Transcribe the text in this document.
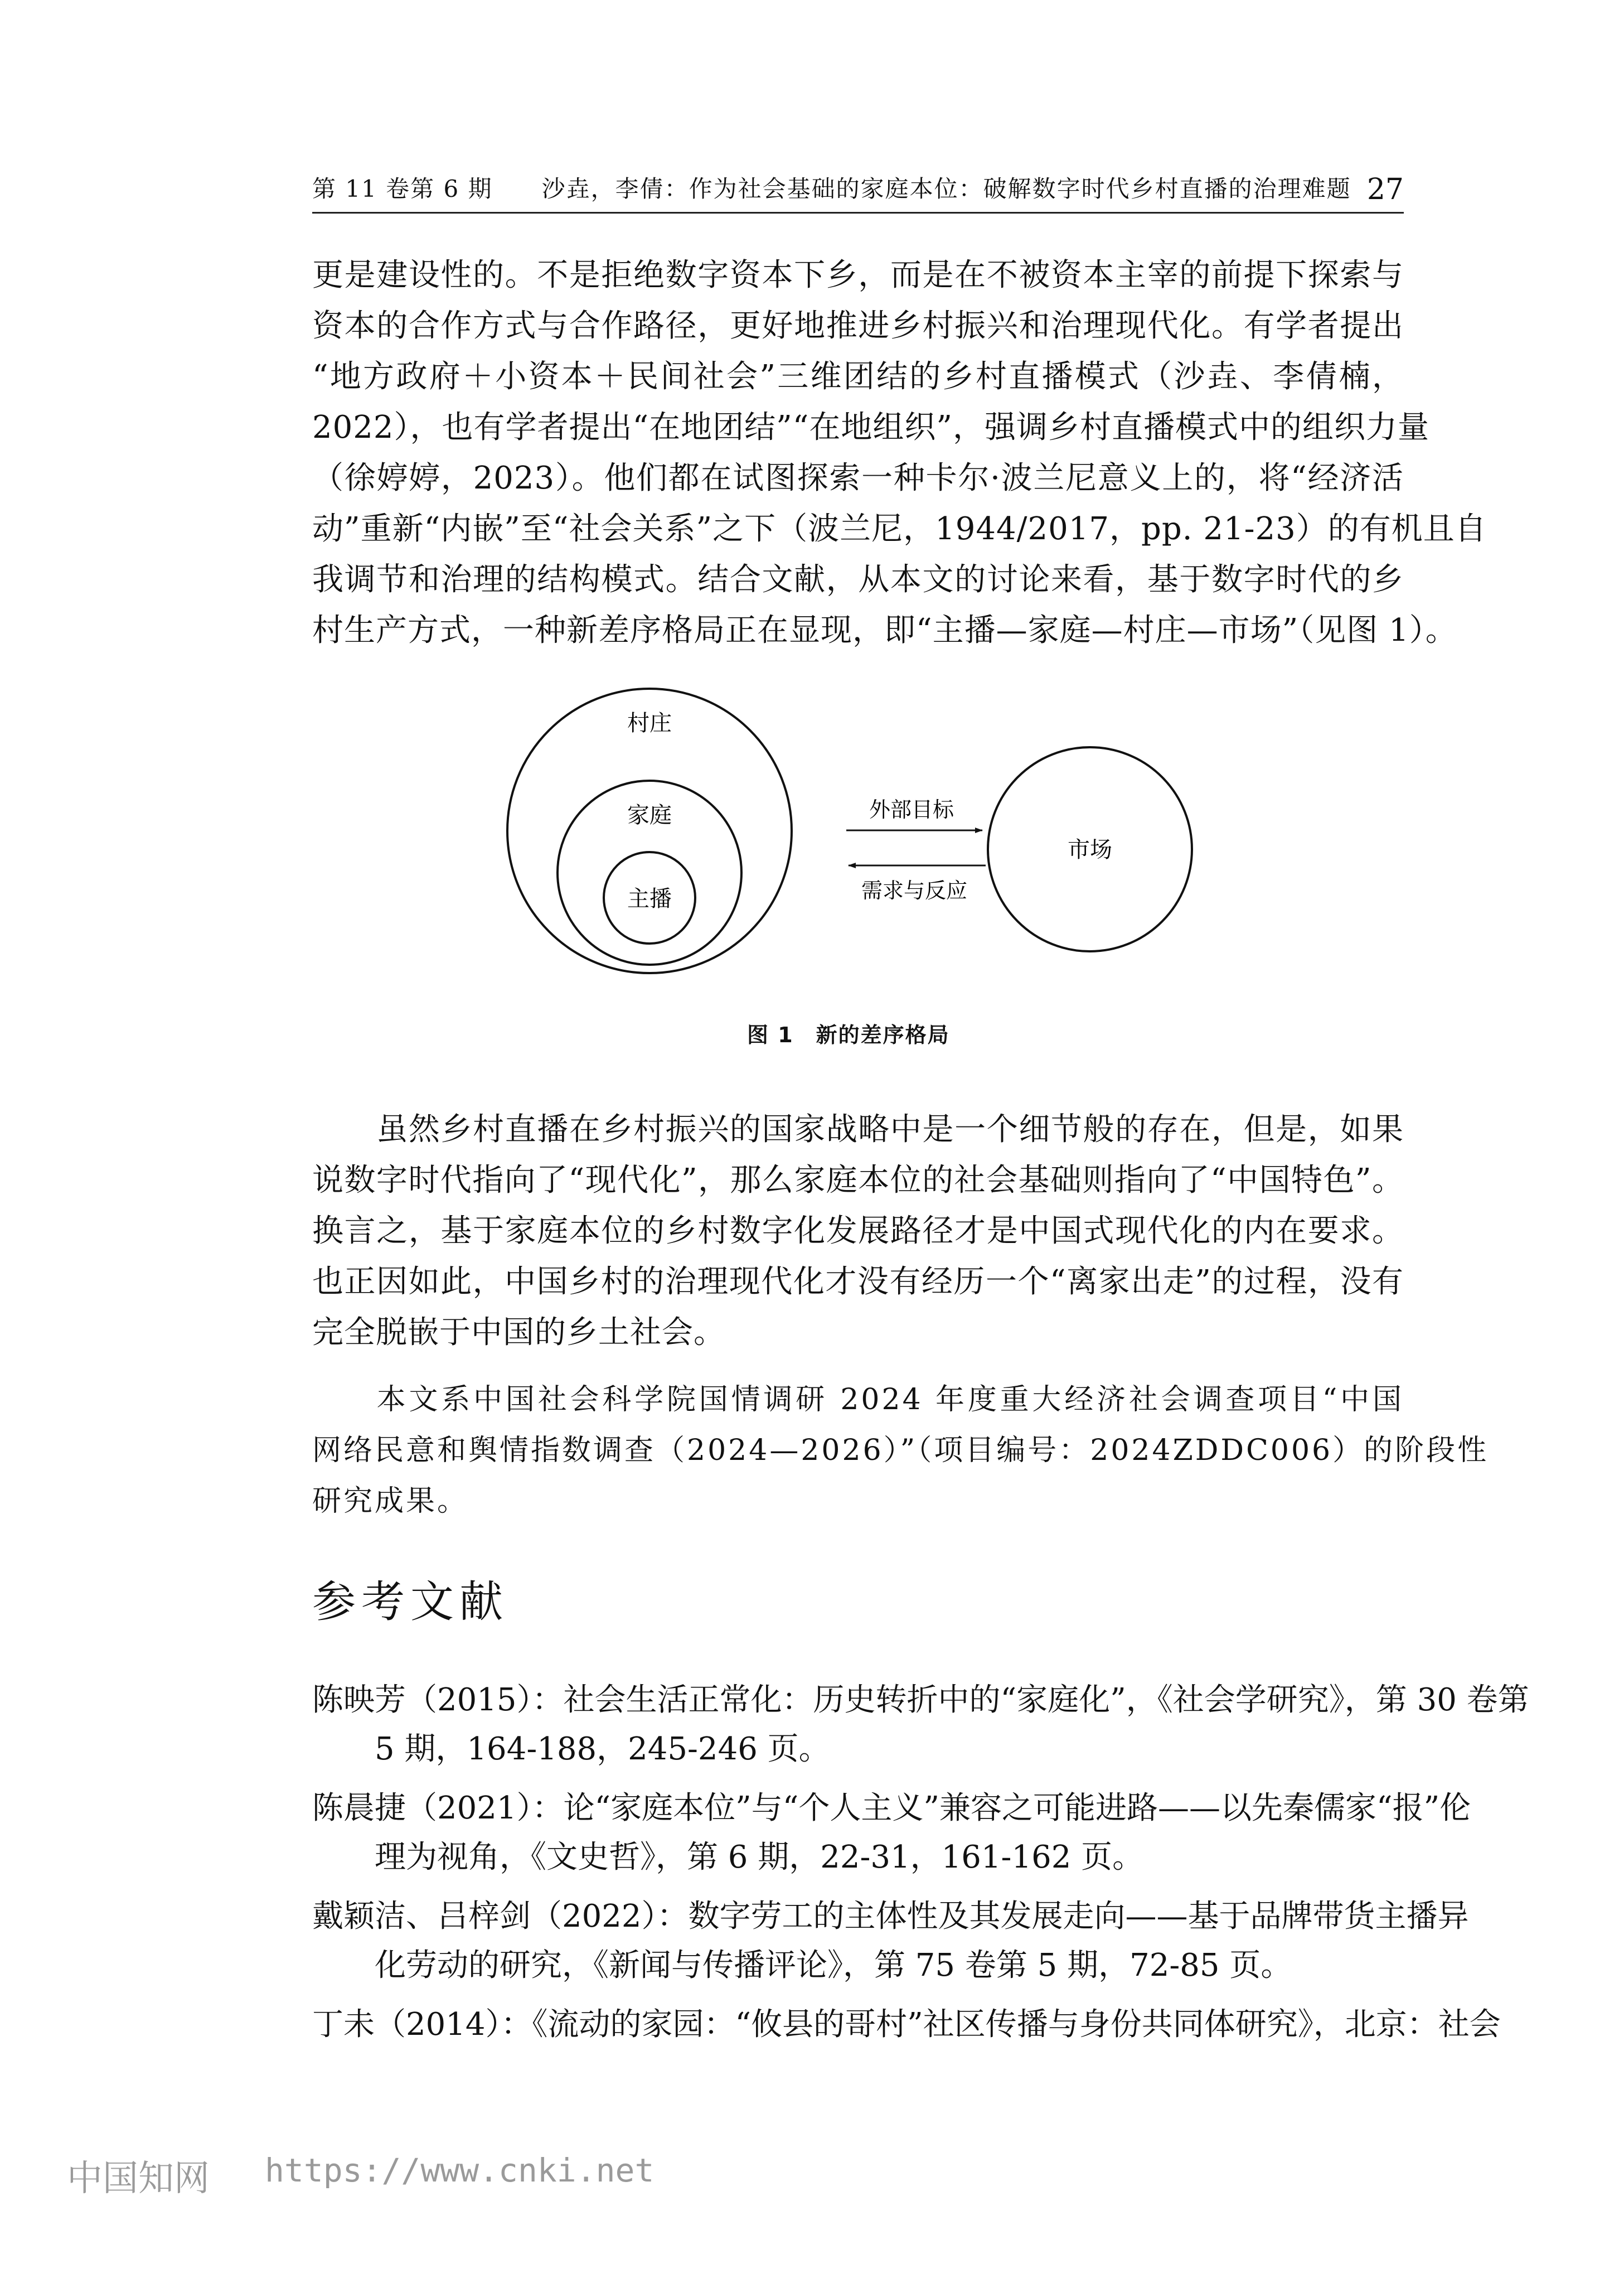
第 11 卷第 6 期　　沙垚，李倩：作为社会基础的家庭本位：破解数字时代乡村直播的治理难题 27
更是建设性的。不是拒绝数字资本下乡，而是在不被资本主宰的前提下探索与
资本的合作方式与合作路径，更好地推进乡村振兴和治理现代化。有学者提出
“地方政府＋小资本＋民间社会”三维团结的乡村直播模式（沙垚、李倩楠，
2022），也有学者提出“在地团结”“在地组织”，强调乡村直播模式中的组织力量
（徐婷婷，2023）。他们都在试图探索一种卡尔·波兰尼意义上的，将“经济活
动”重新“内嵌”至“社会关系”之下（波兰尼，1944/2017，pp. 21-23）的有机且自
我调节和治理的结构模式。结合文献，从本文的讨论来看，基于数字时代的乡
村生产方式，一种新差序格局正在显现，即“主播—家庭—村庄—市场”（见图 1）。
村庄
家庭
主播
市场
外部目标
需求与反应
图 1　新的差序格局
　　虽然乡村直播在乡村振兴的国家战略中是一个细节般的存在，但是，如果
说数字时代指向了“现代化”，那么家庭本位的社会基础则指向了“中国特色”。
换言之，基于家庭本位的乡村数字化发展路径才是中国式现代化的内在要求。
也正因如此，中国乡村的治理现代化才没有经历一个“离家出走”的过程，没有
完全脱嵌于中国的乡土社会。
　　本文系中国社会科学院国情调研 2024 年度重大经济社会调查项目“中国
网络民意和舆情指数调查（2024—2026）”（项目编号：2024ZDDC006）的阶段性
研究成果。
参考文献
陈映芳（2015）：社会生活正常化：历史转折中的“家庭化”，《社会学研究》，第 30 卷第
5 期，164-188，245-246 页。
陈晨捷（2021）：论“家庭本位”与“个人主义”兼容之可能进路——以先秦儒家“报”伦
理为视角，《文史哲》，第 6 期，22-31，161-162 页。
戴颖洁、吕梓剑（2022）：数字劳工的主体性及其发展走向——基于品牌带货主播异
化劳动的研究，《新闻与传播评论》，第 75 卷第 5 期，72-85 页。
丁未（2014）：《流动的家园：“攸县的哥村”社区传播与身份共同体研究》，北京：社会
中国知网 https://www.cnki.net
